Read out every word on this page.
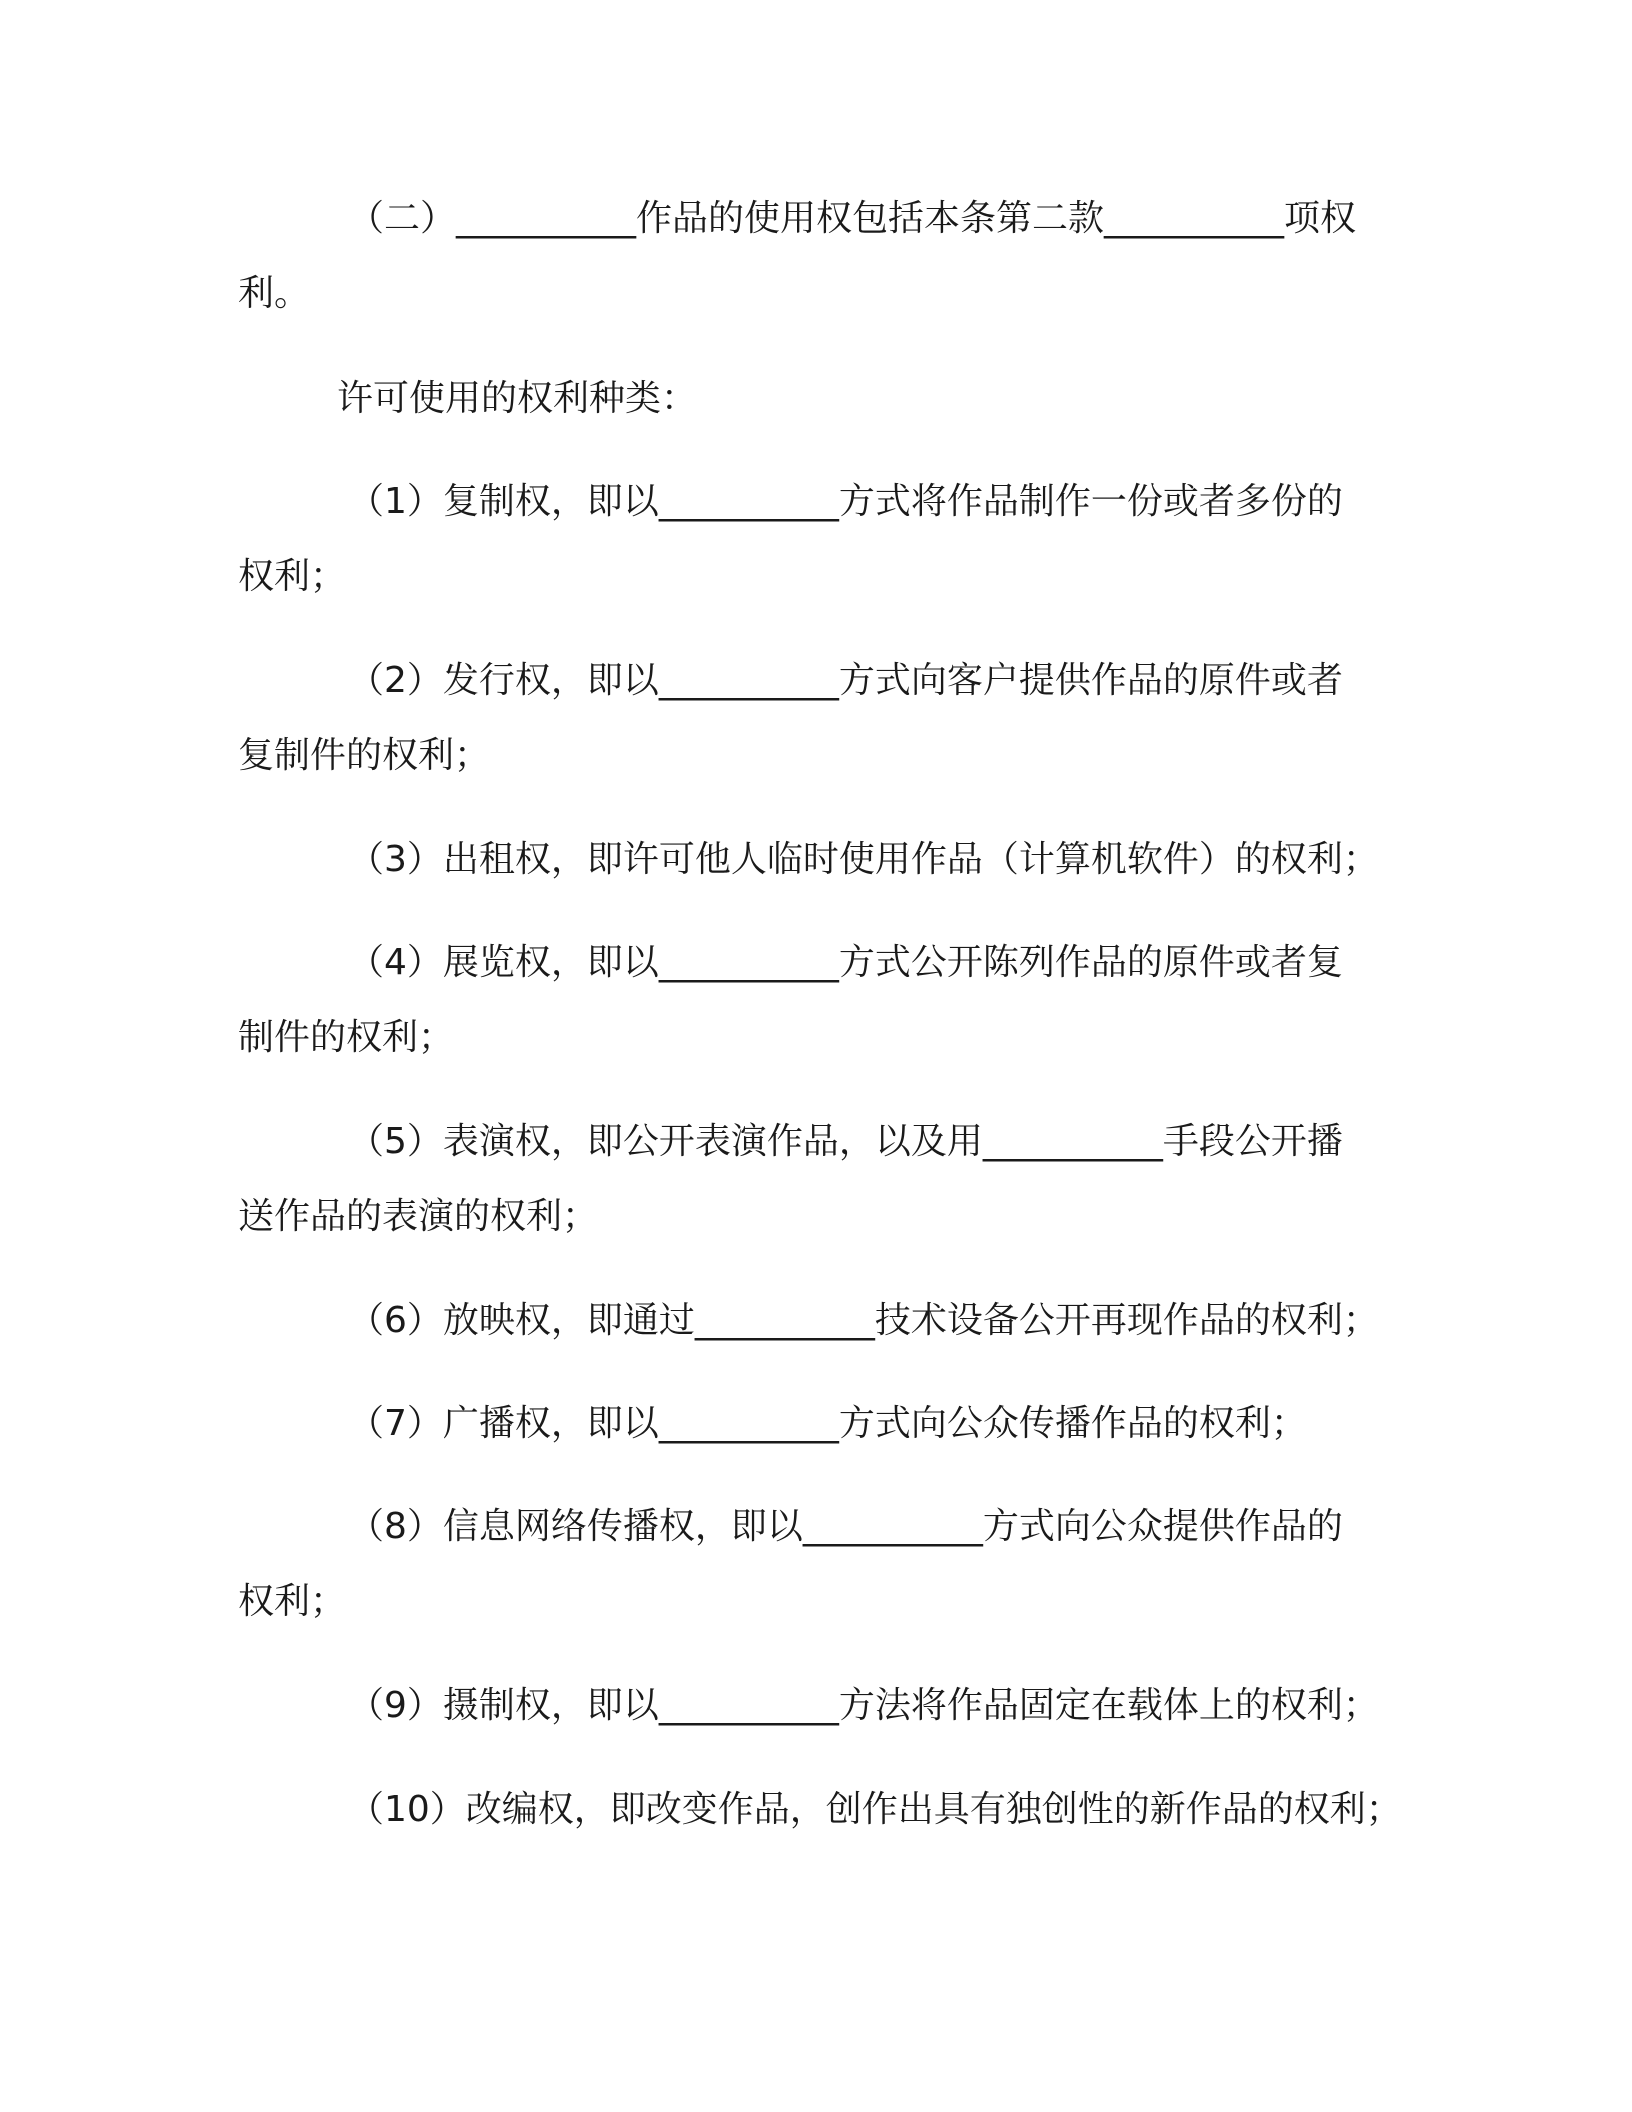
（二）__________作品的使用权包括本条第二款__________项权
利。
许可使用的权利种类：
（1）复制权，即以__________方式将作品制作一份或者多份的
权利；
（2）发行权，即以__________方式向客户提供作品的原件或者
复制件的权利；
（3）出租权，即许可他人临时使用作品（计算机软件）的权利；
（4）展览权，即以__________方式公开陈列作品的原件或者复
制件的权利；
（5）表演权，即公开表演作品，以及用__________手段公开播
送作品的表演的权利；
（6）放映权，即通过__________技术设备公开再现作品的权利；
（7）广播权，即以__________方式向公众传播作品的权利；
（8）信息网络传播权，即以__________方式向公众提供作品的
权利；
（9）摄制权，即以__________方法将作品固定在载体上的权利；
（10）改编权，即改变作品，创作出具有独创性的新作品的权利；
